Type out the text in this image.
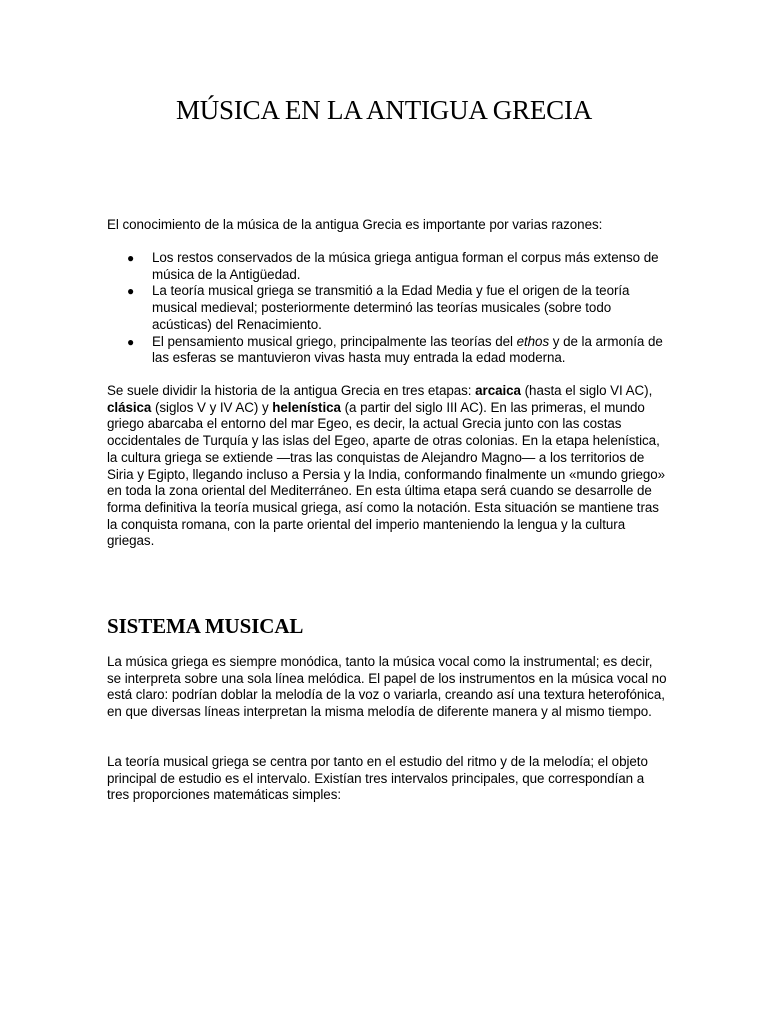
MÚSICA EN LA ANTIGUA GRECIA

El conocimiento de la música de la antigua Grecia es importante por varias razones:

● Los restos conservados de la música griega antigua forman el corpus más extenso de música de la Antigüedad.
● La teoría musical griega se transmitió a la Edad Media y fue el origen de la teoría musical medieval; posteriormente determinó las teorías musicales (sobre todo acústicas) del Renacimiento.
● El pensamiento musical griego, principalmente las teorías del ethos y de la armonía de las esferas se mantuvieron vivas hasta muy entrada la edad moderna.

Se suele dividir la historia de la antigua Grecia en tres etapas: arcaica (hasta el siglo VI AC), clásica (siglos V y IV AC) y helenística (a partir del siglo III AC). En las primeras, el mundo griego abarcaba el entorno del mar Egeo, es decir, la actual Grecia junto con las costas occidentales de Turquía y las islas del Egeo, aparte de otras colonias. En la etapa helenística, la cultura griega se extiende —tras las conquistas de Alejandro Magno— a los territorios de Siria y Egipto, llegando incluso a Persia y la India, conformando finalmente un «mundo griego» en toda la zona oriental del Mediterráneo. En esta última etapa será cuando se desarrolle de forma definitiva la teoría musical griega, así como la notación. Esta situación se mantiene tras la conquista romana, con la parte oriental del imperio manteniendo la lengua y la cultura griegas.

SISTEMA MUSICAL

La música griega es siempre monódica, tanto la música vocal como la instrumental; es decir, se interpreta sobre una sola línea melódica. El papel de los instrumentos en la música vocal no está claro: podrían doblar la melodía de la voz o variarla, creando así una textura heterofónica, en que diversas líneas interpretan la misma melodía de diferente manera y al mismo tiempo.

La teoría musical griega se centra por tanto en el estudio del ritmo y de la melodía; el objeto principal de estudio es el intervalo. Existían tres intervalos principales, que correspondían a tres proporciones matemáticas simples:
